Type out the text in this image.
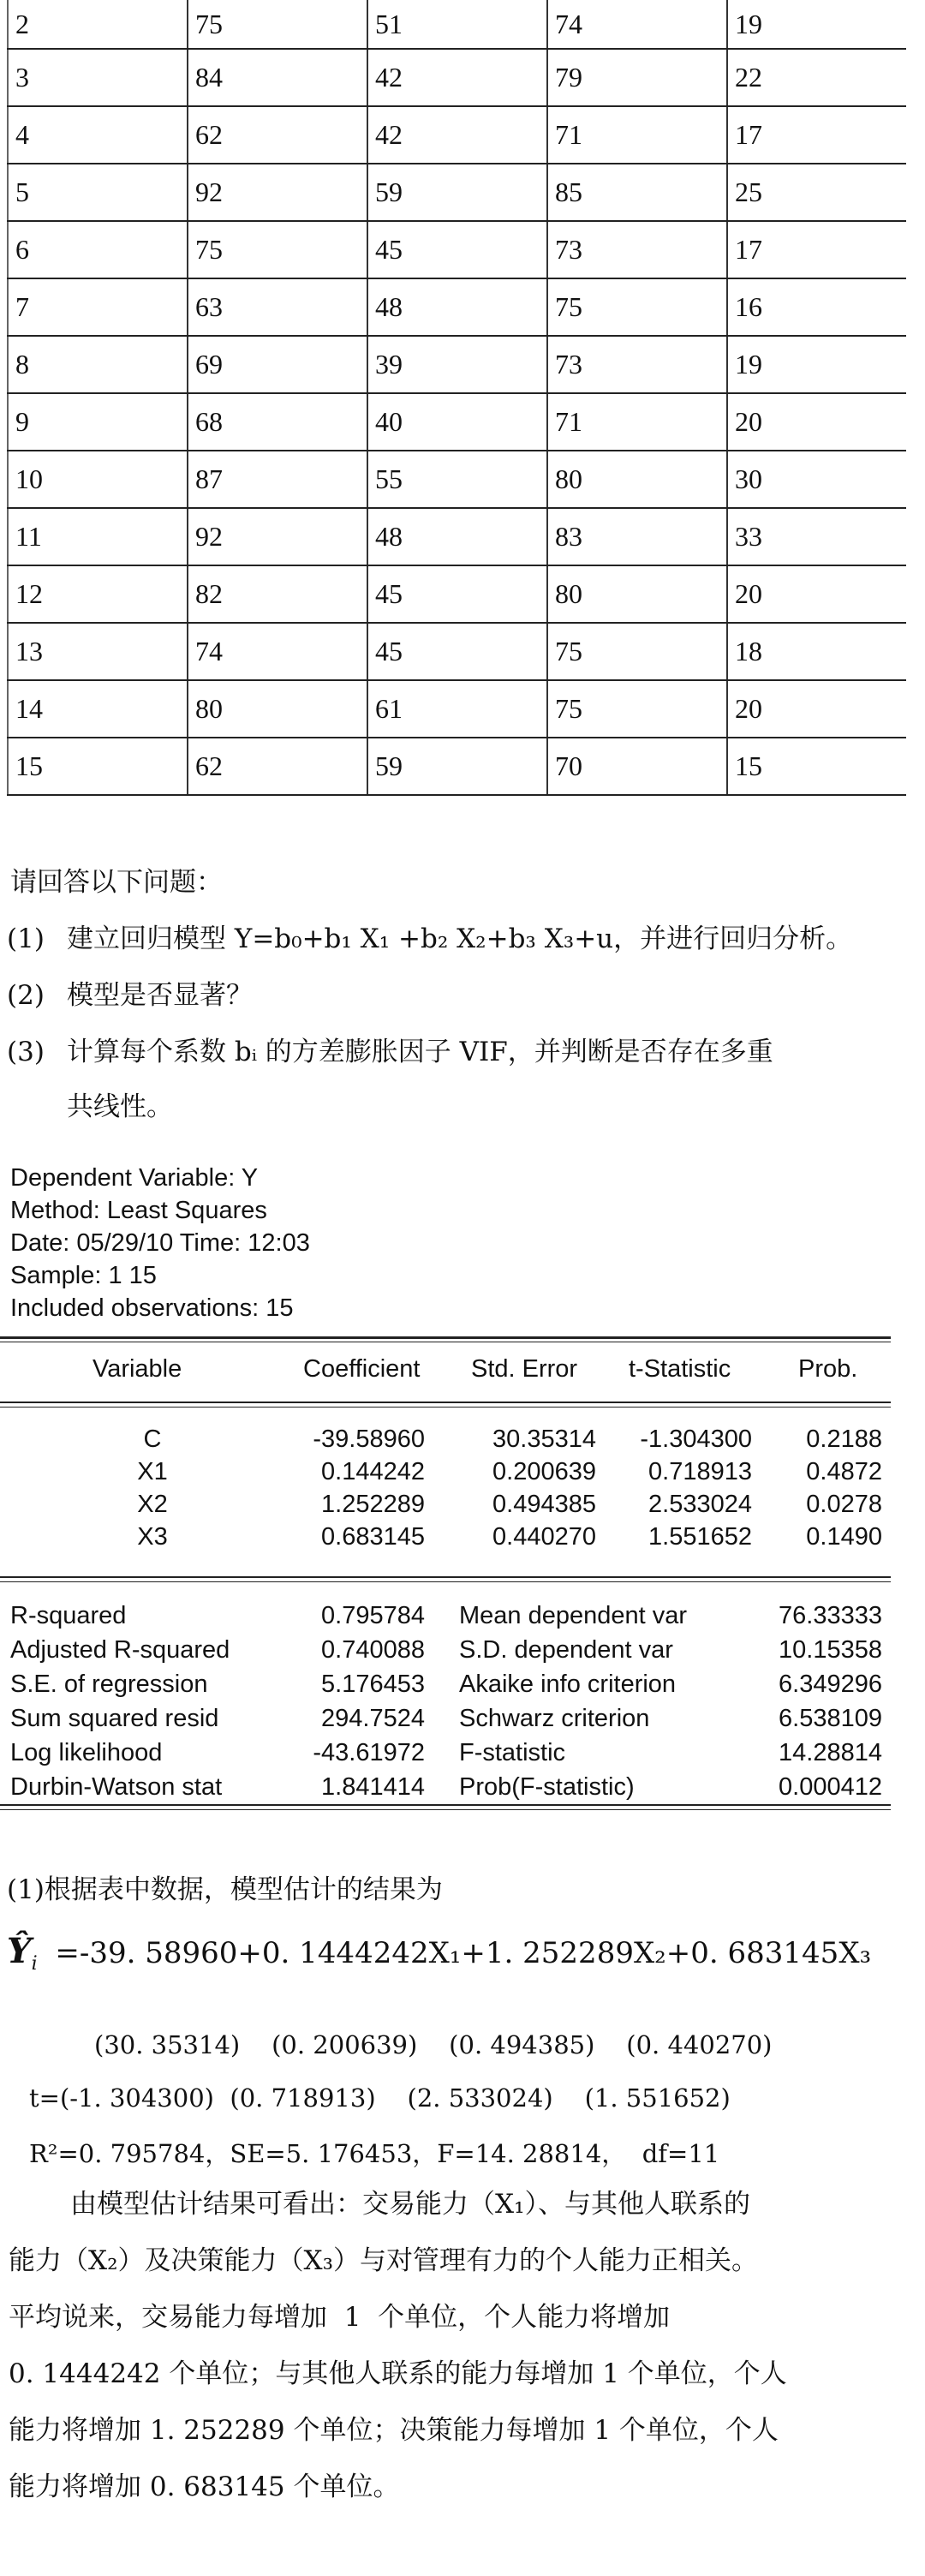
2	75	51	74	19
3	84	42	79	22
4	62	42	71	17
5	92	59	85	25
6	75	45	73	17
7	63	48	75	16
8	69	39	73	19
9	68	40	71	20
10	87	55	80	30
11	92	48	83	33
12	82	45	80	20
13	74	45	75	18
14	80	61	75	20
15	62	59	70	15
请回答以下问题：
(1) 建立回归模型 Y=b₀+b₁ X₁ +b₂ X₂+b₃ X₃+u，并进行回归分析。
(2) 模型是否显著？
(3) 计算每个系数 bᵢ 的方差膨胀因子 VIF，并判断是否存在多重
共线性。
Dependent Variable: Y
Method: Least Squares
Date: 05/29/10 Time: 12:03
Sample: 1 15
Included observations: 15
Variable	Coefficient Std. Error t-Statistic	Prob.
C	-39.58960	30.35314 -1.304300 0.2188
X1	0.144242	0.200639 0.718913 0.4872
X2	1.252289	0.494385 2.533024 0.0278
X3	0.683145	0.440270 1.551652 0.1490
R-squared	0.795784 Mean dependent var	76.33333
Adjusted R-squared	0.740088 S.D. dependent var	10.15358
S.E. of regression	5.176453 Akaike info criterion	6.349296
Sum squared resid	294.7524 Schwarz criterion	6.538109
Log likelihood	-43.61972 F-statistic	14.28814
Durbin-Watson stat	1.841414 Prob(F-statistic)	0.000412
(1)根据表中数据，模型估计的结果为
$Ŷ_i =-39$. 58960+0. 1444242X₁+1. 252289X₂+0. 683145X₃
(30. 35314)    (0. 200639)    (0. 494385)    (0. 440270)
t=(-1. 304300)  (0. 718913)    (2. 533024)    (1. 551652)
R²=0. 795784，SE=5. 176453，F=14. 28814，  df=11
由模型估计结果可看出：交易能力（X₁）、与其他人联系的
能力（X₂）及决策能力（X₃）与对管理有力的个人能力正相关。
平均说来，交易能力每增加  1  个单位，个人能力将增加
0. 1444242 个单位；与其他人联系的能力每增加 1 个单位，个人
能力将增加 1. 252289 个单位；决策能力每增加 1 个单位，个人
能力将增加 0. 683145 个单位。
